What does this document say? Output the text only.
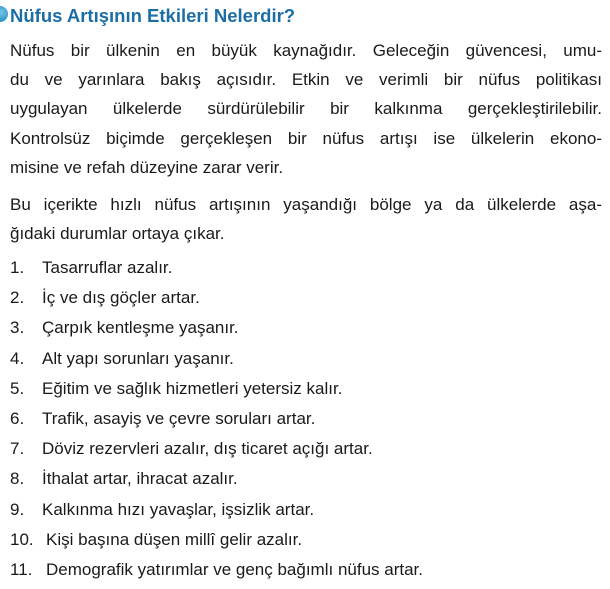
Nüfus Artışının Etkileri Nelerdir?
Nüfus bir ülkenin en büyük kaynağıdır. Geleceğin güvencesi, umu-
du ve yarınlara bakış açısıdır. Etkin ve verimli bir nüfus politikası
uygulayan ülkelerde sürdürülebilir bir kalkınma gerçekleştirilebilir.
Kontrolsüz biçimde gerçekleşen bir nüfus artışı ise ülkelerin ekono-
misine ve refah düzeyine zarar verir.
Bu içerikte hızlı nüfus artışının yaşandığı bölge ya da ülkelerde aşa-
ğıdaki durumlar ortaya çıkar.
1. Tasarruflar azalır.
2. İç ve dış göçler artar.
3. Çarpık kentleşme yaşanır.
4. Alt yapı sorunları yaşanır.
5. Eğitim ve sağlık hizmetleri yetersiz kalır.
6. Trafik, asayiş ve çevre soruları artar.
7. Döviz rezervleri azalır, dış ticaret açığı artar.
8. İthalat artar, ihracat azalır.
9. Kalkınma hızı yavaşlar, işsizlik artar.
10. Kişi başına düşen millî gelir azalır.
11. Demografik yatırımlar ve genç bağımlı nüfus artar.
